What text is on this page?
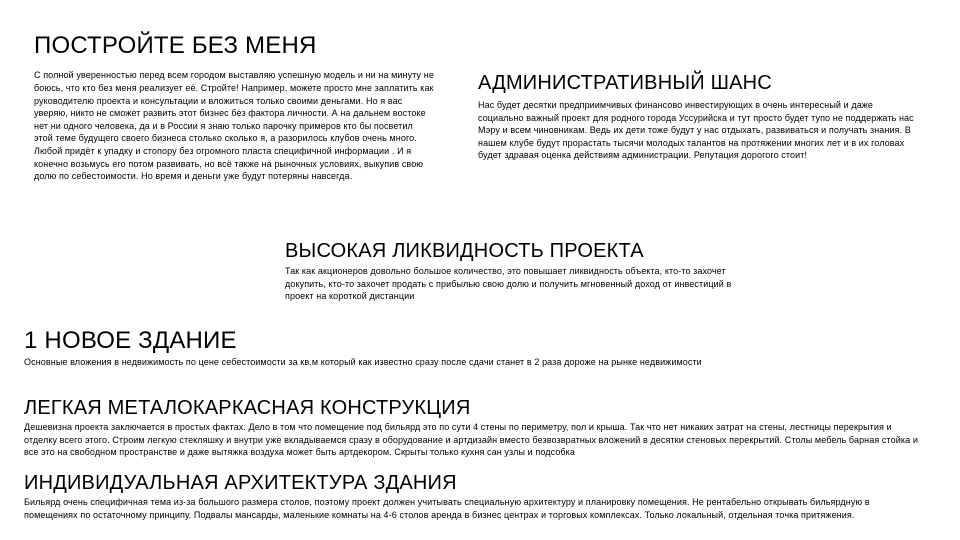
ПОСТРОЙТЕ БЕЗ МЕНЯ

С полной уверенностью перед всем городом выставляю успешную модель и ни на минуту не боюсь, что кто без меня реализует её. Стройте! Например, можете просто мне заплатить как руководителю проекта и консультации и вложиться только своими деньгами. Но я вас уверяю, никто не сможет развить этот бизнес без фактора личности. А на дальнем востоке нет ни одного человека, да и в России я знаю только парочку примеров кто бы посветил этой теме будущего своего бизнеса столько сколько я, а разорилось клубов очень много. Любой придёт к упадку и стопору без огромного пласта специфичной информации . И я конечно возьмусь его потом развивать, но всё также на рыночных условиях, выкупив свою долю по себестоимости. Но время и деньги уже будут потеряны навсегда.

АДМИНИСТРАТИВНЫЙ ШАНС

Нас будет десятки предприимчивых финансово инвестирующих в очень интересный и даже социально важный проект для родного города Уссурийска и тут просто будет тупо не поддержать нас Мэру и всем чиновникам. Ведь их дети тоже будут у нас отдыхать, развиваться и получать знания. В нашем клубе будут прорастать тысячи молодых талантов на протяжении многих лет и в их головах будет здравая оценка действиям администрации. Репутация дорогого стоит!

ВЫСОКАЯ ЛИКВИДНОСТЬ ПРОЕКТА

Так как акционеров довольно большое количество, это повышает ликвидность объекта, кто-то захочет докупить, кто-то захочет продать с прибылью свою долю и получить мгновенный доход от инвестиций в проект на короткой дистанции

1 НОВОЕ ЗДАНИЕ

Основные вложения в недвижимость по цене себестоимости за кв.м который как известно сразу после сдачи станет в 2 раза дороже на рынке недвижимости

ЛЕГКАЯ МЕТАЛОКАРКАСНАЯ КОНСТРУКЦИЯ

Дешевизна проекта заключается в простых фактах. Дело в том что помещение под бильярд это по сути 4 стены по периметру, пол и крыша. Так что нет никаких затрат на стены, лестницы перекрытия и отделку всего этого. Строим легкую стекляшку и внутри уже вкладываемся сразу в оборудование и артдизайн вместо безвозвратных вложений в десятки стеновых перекрытий. Столы мебель барная стойка и все это на свободном пространстве и даже вытяжка воздуха может быть артдекором. Скрыты только кухня сан узлы и подсобка

ИНДИВИДУАЛЬНАЯ АРХИТЕКТУРА ЗДАНИЯ

Бильярд очень специфичная тема из-за большого размера столов, поэтому проект должен учитывать специальную архитектуру и планировку помещения. Не рентабельно открывать бильярдную в помещениях по остаточному принципу. Подвалы мансарды, маленькие комнаты на 4-6 столов аренда в бизнес центрах и торговых комплексах. Только локальный, отдельная точка притяжения.
